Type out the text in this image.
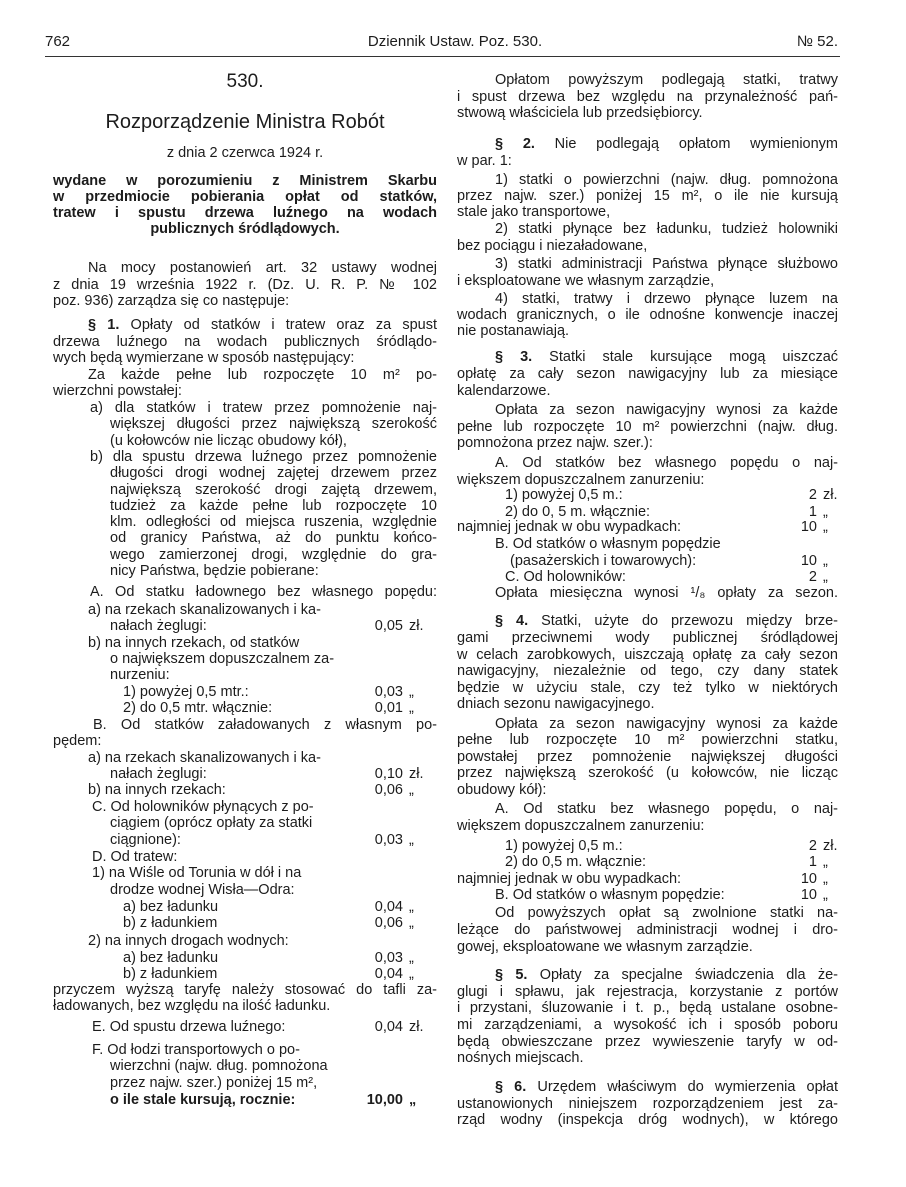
762	Dziennik Ustaw. Poz. 530.	№ 52.
530.
Rozporządzenie Ministra Robót
z dnia 2 czerwca 1924 r.
wydane w porozumieniu z Ministrem Skarbu
w przedmiocie pobierania opłat od statków,
tratew i spustu drzewa luźnego na wodach
publicznych śródlądowych.
Na mocy postanowień art. 32 ustawy wodnej
z dnia 19 września 1922 r. (Dz. U. R. P. № 102
poz. 936) zarządza się co następuje:
§ 1. Opłaty od statków i tratew oraz za spust
drzewa luźnego na wodach publicznych śródlądo-
wych będą wymierzane w sposób następujący:
Za każde pełne lub rozpoczęte 10 m² po-
wierzchni powstałej:
a) dla statków i tratew przez pomnożenie naj-
większej długości przez największą szerokość
(u kołowców nie licząc obudowy kół),
b) dla spustu drzewa luźnego przez pomnożenie
długości drogi wodnej zajętej drzewem przez
największą szerokość drogi zajętą drzewem,
tudzież za każde pełne lub rozpoczęte 10
klm. odległości od miejsca ruszenia, względnie
od granicy Państwa, aż do punktu końco-
wego zamierzonej drogi, względnie do gra-
nicy Państwa, będzie pobierane:
A. Od statku ładownego bez własnego popędu:
a) na rzekach skanalizowanych i ka-
nałach żeglugi:	0,05 zł.
b) na innych rzekach, od statków
o największem dopuszczalnem za-
nurzeniu:
1) powyżej 0,5 mtr.:	0,03 „
2) do 0,5 mtr. włącznie:	0,01 „
B. Od statków załadowanych z własnym po-
pędem:
a) na rzekach skanalizowanych i ka-
nałach żeglugi:	0,10 zł.
b) na innych rzekach:	0,06 „
C. Od holowników płynących z po-
ciągiem (oprócz opłaty za statki
ciągnione):	0,03 „
D. Od tratew:
1) na Wiśle od Torunia w dół i na
drodze wodnej Wisła—Odra:
a) bez ładunku	0,04 „
b) z ładunkiem	0,06 „
2) na innych drogach wodnych:
a) bez ładunku	0,03 „
b) z ładunkiem	0,04 „
przyczem wyższą taryfę należy stosować do tafli za-
ładowanych, bez względu na ilość ładunku.
E. Od spustu drzewa luźnego:	0,04 zł.
F. Od łodzi transportowych o po-
wierzchni (najw. dług. pomnożona
przez najw. szer.) poniżej 15 m²,
o ile stale kursują, rocznie:	10,00 „
Opłatom powyższym podlegają statki, tratwy
i spust drzewa bez względu na przynależność pań-
stwową właściciela lub przedsiębiorcy.
§ 2. Nie podlegają opłatom wymienionym
w par. 1:
1) statki o powierzchni (najw. dług. pomnożona
przez najw. szer.) poniżej 15 m², o ile nie kursują
stale jako transportowe,
2) statki płynące bez ładunku, tudzież holowniki
bez pociągu i niezaładowane,
3) statki administracji Państwa płynące służbowo
i eksploatowane we własnym zarządzie,
4) statki, tratwy i drzewo płynące luzem na
wodach granicznych, o ile odnośne konwencje inaczej
nie postanawiają.
§ 3. Statki stale kursujące mogą uiszczać
opłatę za cały sezon nawigacyjny lub za miesiące
kalendarzowe.
Opłata za sezon nawigacyjny wynosi za każde
pełne lub rozpoczęte 10 m² powierzchni (najw. dług.
pomnożona przez najw. szer.):
A. Od statków bez własnego popędu o naj-
większem dopuszczalnem zanurzeniu:
1) powyżej 0,5 m.:	2 zł.
2) do 0, 5 m. włącznie:	1 „
najmniej jednak w obu wypadkach:	10 „
B. Od statków o własnym popędzie
(pasażerskich i towarowych):	10 „
C. Od holowników:	2 „
Opłata miesięczna wynosi ¹/₈ opłaty za sezon.
§ 4. Statki, użyte do przewozu między brze-
gami przeciwnemi wody publicznej śródlądowej
w celach zarobkowych, uiszczają opłatę za cały sezon
nawigacyjny, niezależnie od tego, czy dany statek
będzie w użyciu stale, czy też tylko w niektórych
dniach sezonu nawigacyjnego.
Opłata za sezon nawigacyjny wynosi za każde
pełne lub rozpoczęte 10 m² powierzchni statku,
powstałej przez pomnożenie największej długości
przez największą szerokość (u kołowców, nie licząc
obudowy kół):
A. Od statku bez własnego popędu, o naj-
większem dopuszczalnem zanurzeniu:
1) powyżej 0,5 m.:	2 zł.
2) do 0,5 m. włącznie:	1 „
najmniej jednak w obu wypadkach:	10 „
B. Od statków o własnym popędzie:	10 „
Od powyższych opłat są zwolnione statki na-
leżące do państwowej administracji wodnej i dro-
gowej, eksploatowane we własnym zarządzie.
§ 5. Opłaty za specjalne świadczenia dla że-
glugi i spławu, jak rejestracja, korzystanie z portów
i przystani, śluzowanie i t. p., będą ustalane osobne-
mi zarządzeniami, a wysokość ich i sposób poboru
będą obwieszczane przez wywieszenie taryfy w od-
nośnych miejscach.
§ 6. Urzędem właściwym do wymierzenia opłat
ustanowionych niniejszem rozporządzeniem jest za-
rząd wodny (inspekcja dróg wodnych), w którego
